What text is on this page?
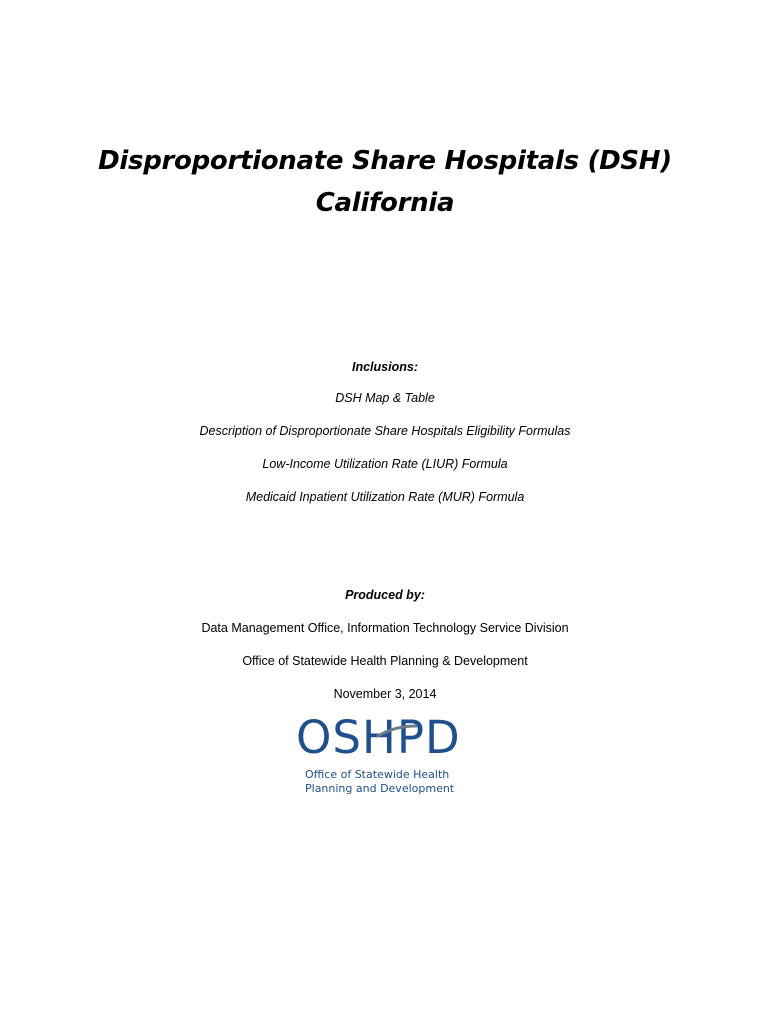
Disproportionate Share Hospitals (DSH)
California
Inclusions:
DSH Map & Table
Description of Disproportionate Share Hospitals Eligibility Formulas
Low-Income Utilization Rate (LIUR) Formula
Medicaid Inpatient Utilization Rate (MUR) Formula
Produced by:
Data Management Office, Information Technology Service Division
Office of Statewide Health Planning & Development
November 3, 2014
OSHPD
Office of Statewide Health
Planning and Development
